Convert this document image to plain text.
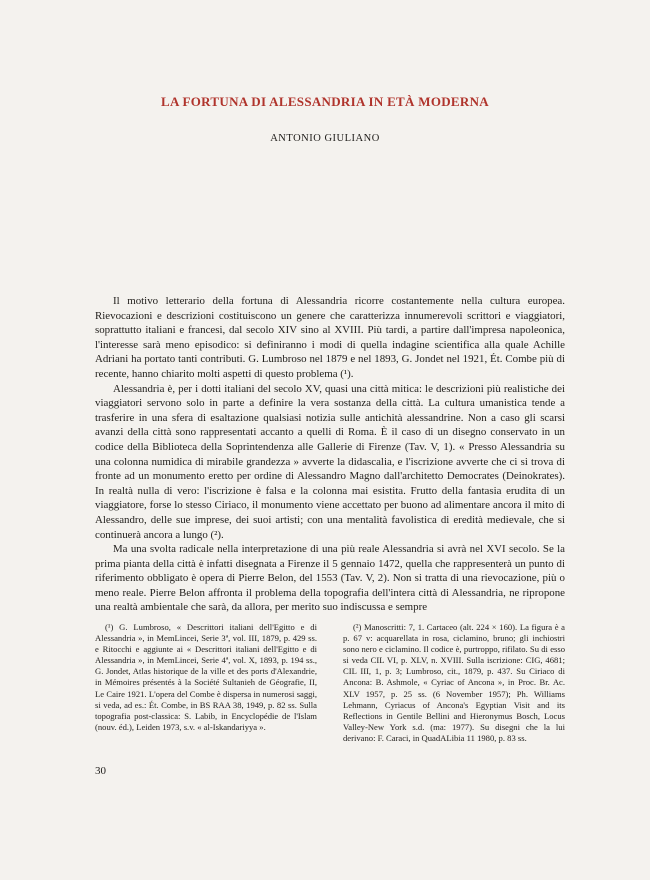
LA FORTUNA DI ALESSANDRIA IN ETÀ MODERNA
ANTONIO GIULIANO

Il motivo letterario della fortuna di Alessandria ricorre costantemente nella cultura europea. Rievocazioni e descrizioni costituiscono un genere che caratterizza innumerevoli scrittori e viaggiatori, soprattutto italiani e francesi, dal secolo XIV sino al XVIII. Più tardi, a partire dall'impresa napoleonica, l'interesse sarà meno episodico: si definiranno i modi di quella indagine scientifica alla quale Achille Adriani ha portato tanti contributi. G. Lumbroso nel 1879 e nel 1893, G. Jondet nel 1921, Ét. Combe più di recente, hanno chiarito molti aspetti di questo problema (¹).

Alessandria è, per i dotti italiani del secolo XV, quasi una città mitica: le descrizioni più realistiche dei viaggiatori servono solo in parte a definire la vera sostanza della città. La cultura umanistica tende a trasferire in una sfera di esaltazione qualsiasi notizia sulle antichità alessandrine. Non a caso gli scarsi avanzi della città sono rappresentati accanto a quelli di Roma. È il caso di un disegno conservato in un codice della Biblioteca della Soprintendenza alle Gallerie di Firenze (Tav. V, 1). « Presso Alessandria su una colonna numidica di mirabile grandezza » avverte la didascalia, e l'iscrizione avverte che ci si trova di fronte ad un monumento eretto per ordine di Alessandro Magno dall'architetto Democrates (Deinokrates). In realtà nulla di vero: l'iscrizione è falsa e la colonna mai esistita. Frutto della fantasia erudita di un viaggiatore, forse lo stesso Ciriaco, il monumento viene accettato per buono ad alimentare ancora il mito di Alessandro, delle sue imprese, dei suoi artisti; con una mentalità favolistica di eredità medievale, che si continuerà ancora a lungo (²).

Ma una svolta radicale nella interpretazione di una più reale Alessandria si avrà nel XVI secolo. Se la prima pianta della città è infatti disegnata a Firenze il 5 gennaio 1472, quella che rappresenterà un punto di riferimento obbligato è opera di Pierre Belon, del 1553 (Tav. V, 2). Non si tratta di una rievocazione, più o meno reale. Pierre Belon affronta il problema della topografia dell'intera città di Alessandria, ne ripropone una realtà ambientale che sarà, da allora, per merito suo indiscussa e sempre

(¹) G. Lumbroso, « Descrittori italiani dell'Egitto e di Alessandria », in MemLincei, Serie 3ª, vol. III, 1879, p. 429 ss. e Ritocchi e aggiunte ai « Descrittori italiani dell'Egitto e di Alessandria », in MemLincei, Serie 4ª, vol. X, 1893, p. 194 ss., G. Jondet, Atlas historique de la ville et des ports d'Alexandrie, in Mémoires présentés à la Société Sultanieh de Géografie, II, Le Caire 1921. L'opera del Combe è dispersa in numerosi saggi, si veda, ad es.: Ét. Combe, in BS RAA 38, 1949, p. 82 ss. Sulla topografia post-classica: S. Labib, in Encyclopédie de l'Islam (nouv. éd.), Leiden 1973, s.v. « al-Iskandariyya ».

(²) Manoscritti: 7, 1. Cartaceo (alt. 224 × 160). La figura è a p. 67 v: acquarellata in rosa, ciclamino, bruno; gli inchiostri sono nero e ciclamino. Il codice è, purtroppo, rifilato. Su di esso si veda CIL VI, p. XLV, n. XVIII. Sulla iscrizione: CIG, 4681; CIL III, 1, p. 3; Lumbroso, cit., 1879, p. 437. Su Ciriaco di Ancona: B. Ashmole, « Cyriac of Ancona », in Proc. Br. Ac. XLV 1957, p. 25 ss. (6 November 1957); Ph. Williams Lehmann, Cyriacus of Ancona's Egyptian Visit and its Reflections in Gentile Bellini and Hieronymus Bosch, Locus Valley-New York s.d. (ma: 1977). Su disegni che la lui derivano: F. Caraci, in QuadALibia 11 1980, p. 83 ss.

30
